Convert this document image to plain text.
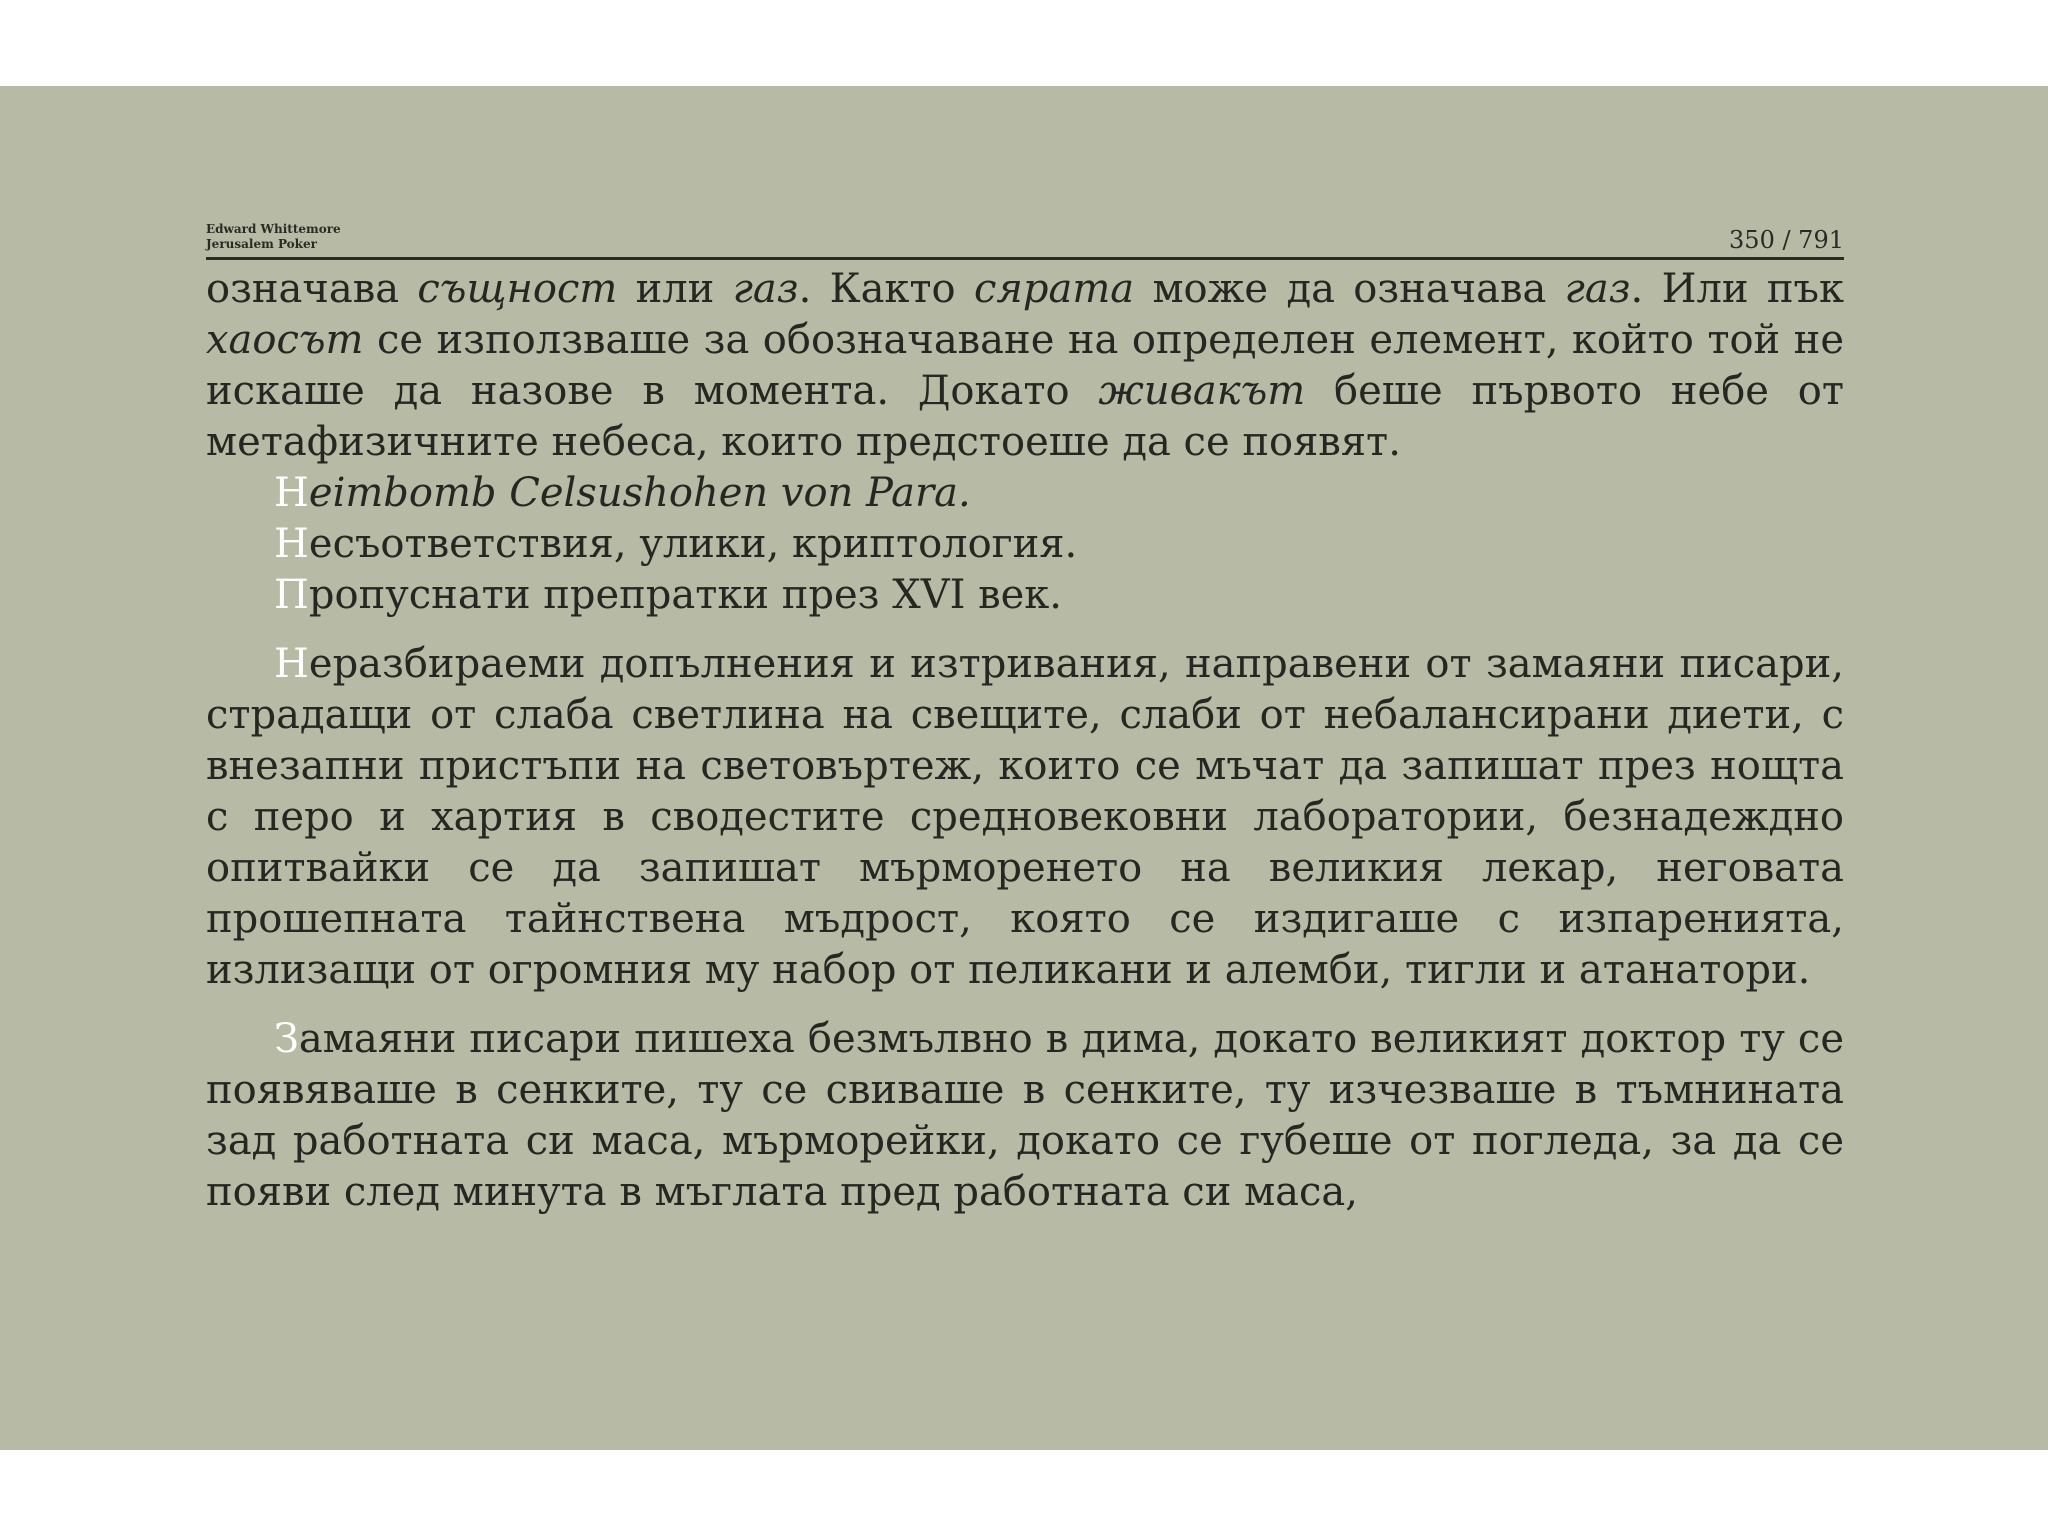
Edward Whittemore
Jerusalem Poker	350 / 791

означава същност или газ. Както сярата може да означава газ. Или пък хаосът се използваше за обозначаване на определен елемент, който той не искаше да назове в момента. Докато живакът беше първото небе от метафизичните небеса, които предстоеше да се появят.

Нeimbomb Celsushohen von Para.

Несъответствия, улики, криптология.

Пропуснати препратки през XVI век.

Неразбираеми допълнения и изтривания, направени от замаяни писари, страдащи от слаба светлина на свещите, слаби от небалансирани диети, с внезапни пристъпи на световъртеж, които се мъчат да запишат през нощта с перо и хартия в сводестите средновековни лаборатории, безнадеждно опитвайки се да запишат мърморенето на великия лекар, неговата прошепната тайнствена мъдрост, която се издигаше с изпаренията, излизащи от огромния му набор от пеликани и алемби, тигли и атанатори.

Замаяни писари пишеха безмълвно в дима, докато великият доктор ту се появяваше в сенките, ту се свиваше в сенките, ту изчезваше в тъмнината зад работната си маса, мърморейки, докато се губеше от погледа, за да се появи след минута в мъглата пред работната си маса,
